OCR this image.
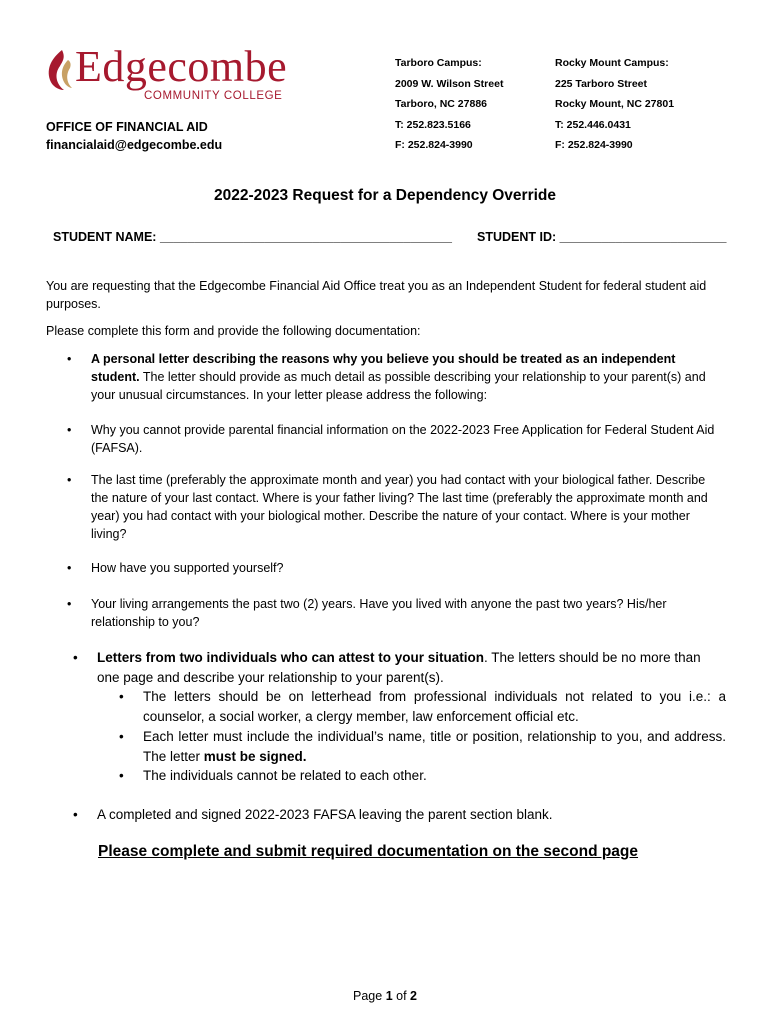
Edgecombe
COMMUNITY COLLEGE
OFFICE OF FINANCIAL AID
financialaid@edgecombe.edu
Tarboro Campus:
2009 W. Wilson Street
Tarboro, NC 27886
T: 252.823.5166
F: 252.824-3990
Rocky Mount Campus:
225 Tarboro Street
Rocky Mount, NC 27801
T: 252.446.0431
F: 252.824-3990
2022-2023 Request for a Dependency Override
STUDENT NAME: __________________________________________ STUDENT ID: ________________________
You are requesting that the Edgecombe Financial Aid Office treat you as an Independent Student for federal student aid purposes.
Please complete this form and provide the following documentation:
• A personal letter describing the reasons why you believe you should be treated as an independent student. The letter should provide as much detail as possible describing your relationship to your parent(s) and your unusual circumstances. In your letter please address the following:
• Why you cannot provide parental financial information on the 2022-2023 Free Application for Federal Student Aid (FAFSA).
• The last time (preferably the approximate month and year) you had contact with your biological father. Describe the nature of your last contact. Where is your father living? The last time (preferably the approximate month and year) you had contact with your biological mother. Describe the nature of your contact. Where is your mother living?
• How have you supported yourself?
• Your living arrangements the past two (2) years. Have you lived with anyone the past two years? His/her relationship to you?
• Letters from two individuals who can attest to your situation. The letters should be no more than one page and describe your relationship to your parent(s).
• The letters should be on letterhead from professional individuals not related to you i.e.: a counselor, a social worker, a clergy member, law enforcement official etc.
• Each letter must include the individual’s name, title or position, relationship to you, and address. The letter must be signed.
• The individuals cannot be related to each other.
• A completed and signed 2022-2023 FAFSA leaving the parent section blank.
Please complete and submit required documentation on the second page
Page 1 of 2
